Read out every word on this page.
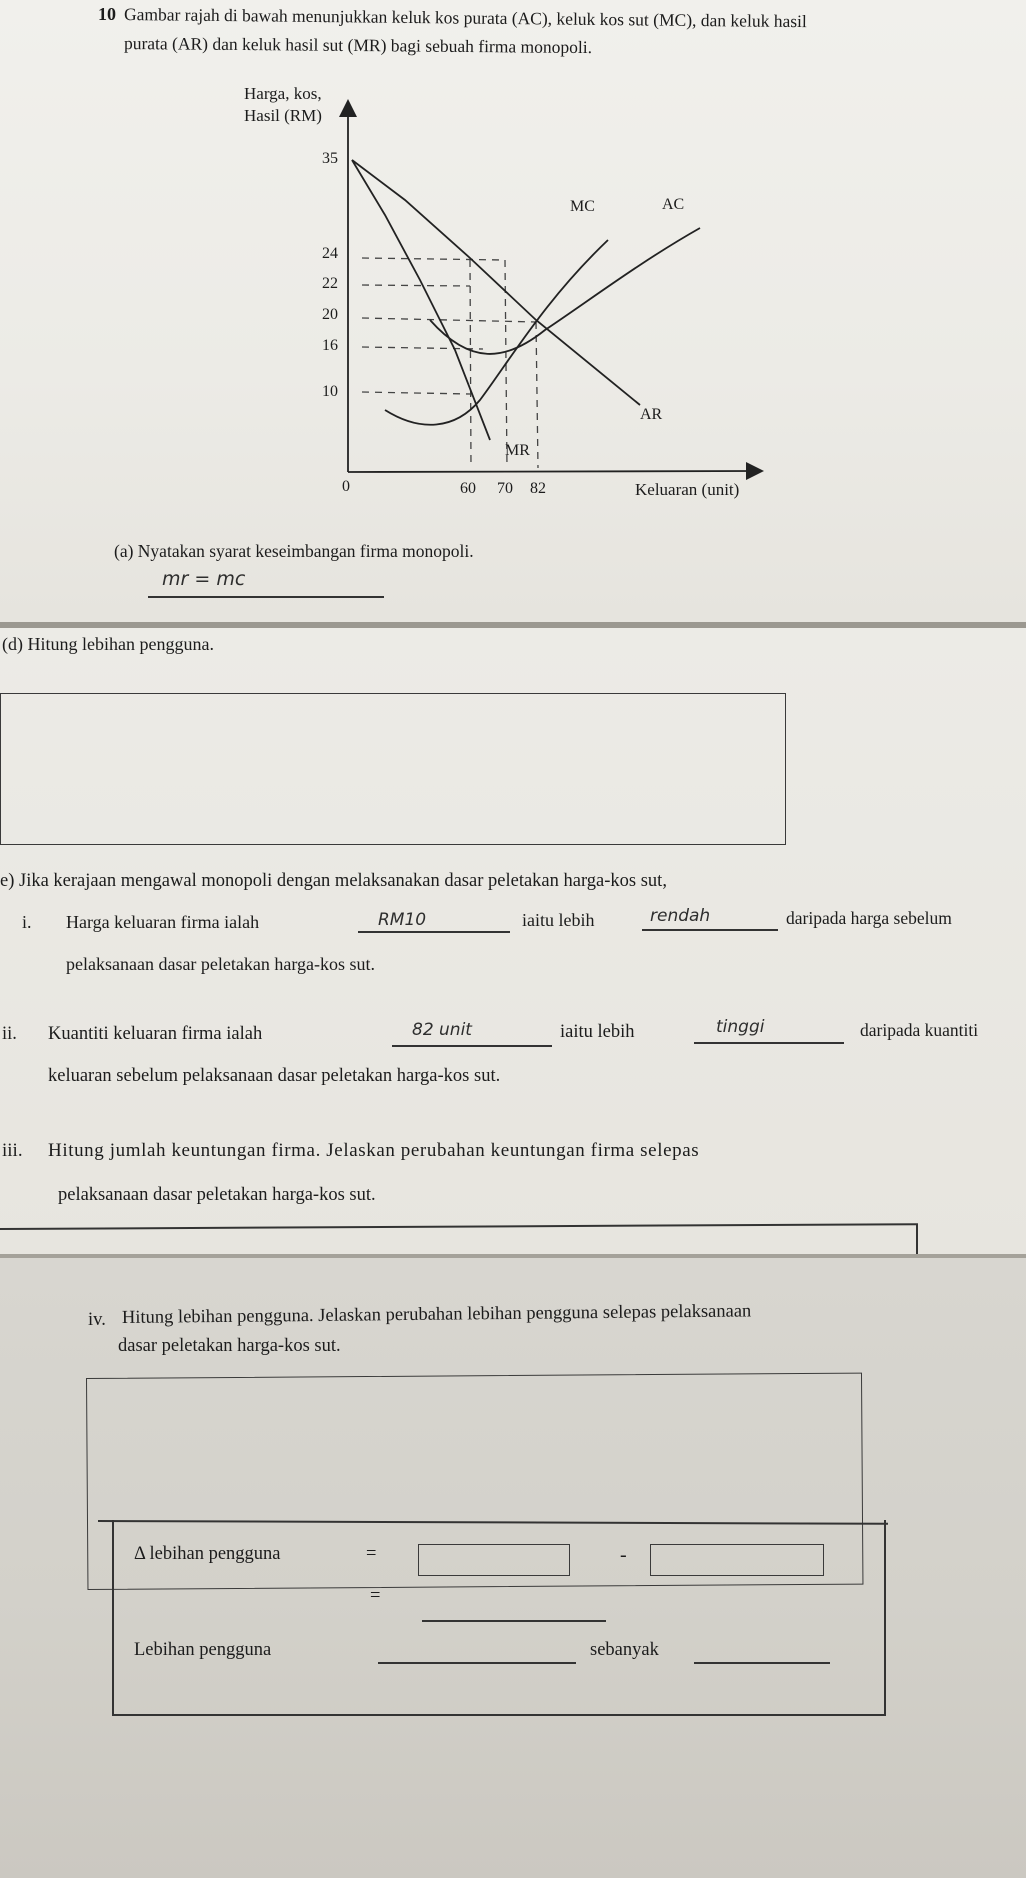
10 Gambar rajah di bawah menunjukkan keluk kos purata (AC), keluk kos sut (MC), dan keluk hasil
purata (AR) dan keluk hasil sut (MR) bagi sebuah firma monopoli.
Harga, kos,
Hasil (RM)
35
24
22
20
16
10
0	60 70 82	Keluaran (unit)
MC	AC
AR
MR
(a) Nyatakan syarat keseimbangan firma monopoli.
mr = mc
(d) Hitung lebihan pengguna.
e) Jika kerajaan mengawal monopoli dengan melaksanakan dasar peletakan harga-kos sut,
i. Harga keluaran firma ialah	RM10	iaitu lebih	rendah	daripada harga sebelum
pelaksanaan dasar peletakan harga-kos sut.
ii. Kuantiti keluaran firma ialah	82 unit	iaitu lebih	tinggi	daripada kuantiti
keluaran sebelum pelaksanaan dasar peletakan harga-kos sut.
iii. Hitung jumlah keuntungan firma. Jelaskan perubahan keuntungan firma selepas
pelaksanaan dasar peletakan harga-kos sut.
iv. Hitung lebihan pengguna. Jelaskan perubahan lebihan pengguna selepas pelaksanaan
dasar peletakan harga-kos sut.
Δ lebihan pengguna	=	-
=
Lebihan pengguna	sebanyak
